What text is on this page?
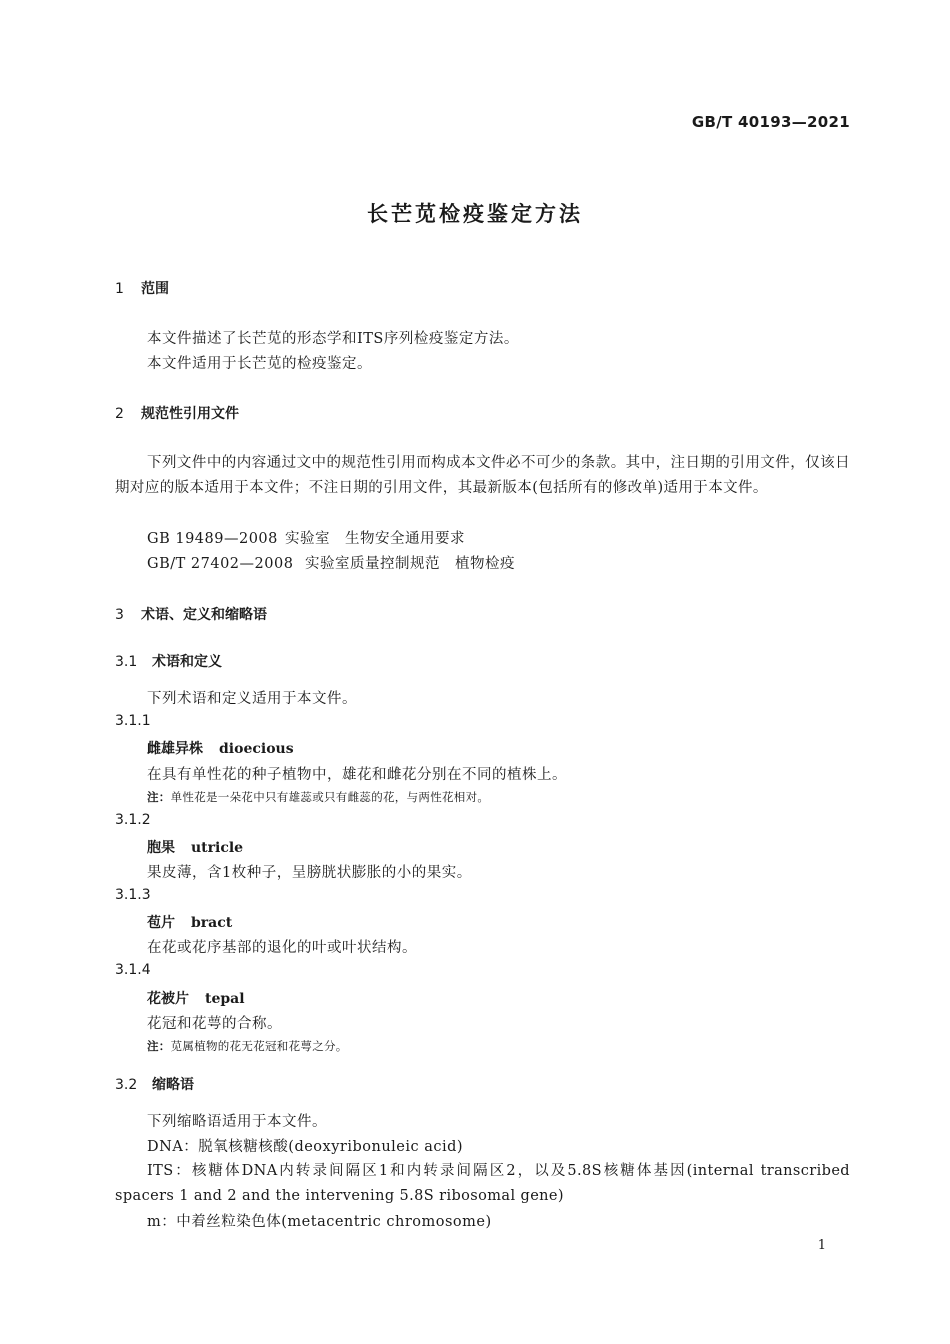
GB/T 40193—2021
长芒苋检疫鉴定方法
1 范围
本文件描述了长芒苋的形态学和ITS序列检疫鉴定方法。
本文件适用于长芒苋的检疫鉴定。
2 规范性引用文件
下列文件中的内容通过文中的规范性引用而构成本文件必不可少的条款。其中，注日期的引用文件，仅该日期对应的版本适用于本文件；不注日期的引用文件，其最新版本(包括所有的修改单)适用于本文件。
GB 19489—2008 实验室　生物安全通用要求
GB/T 27402—2008 实验室质量控制规范　植物检疫
3 术语、定义和缩略语
3.1 术语和定义
下列术语和定义适用于本文件。
3.1.1
雌雄异株 dioecious
在具有单性花的种子植物中，雄花和雌花分别在不同的植株上。
注：单性花是一朵花中只有雄蕊或只有雌蕊的花，与两性花相对。
3.1.2
胞果 utricle
果皮薄，含1枚种子，呈膀胱状膨胀的小的果实。
3.1.3
苞片 bract
在花或花序基部的退化的叶或叶状结构。
3.1.4
花被片 tepal
花冠和花萼的合称。
注：苋属植物的花无花冠和花萼之分。
3.2 缩略语
下列缩略语适用于本文件。
DNA：脱氧核糖核酸(deoxyribonuleic acid)
ITS：核糖体DNA内转录间隔区1和内转录间隔区2，以及5.8S核糖体基因(internal transcribed spacers 1 and 2 and the intervening 5.8S ribosomal gene)
m：中着丝粒染色体(metacentric chromosome)
1
